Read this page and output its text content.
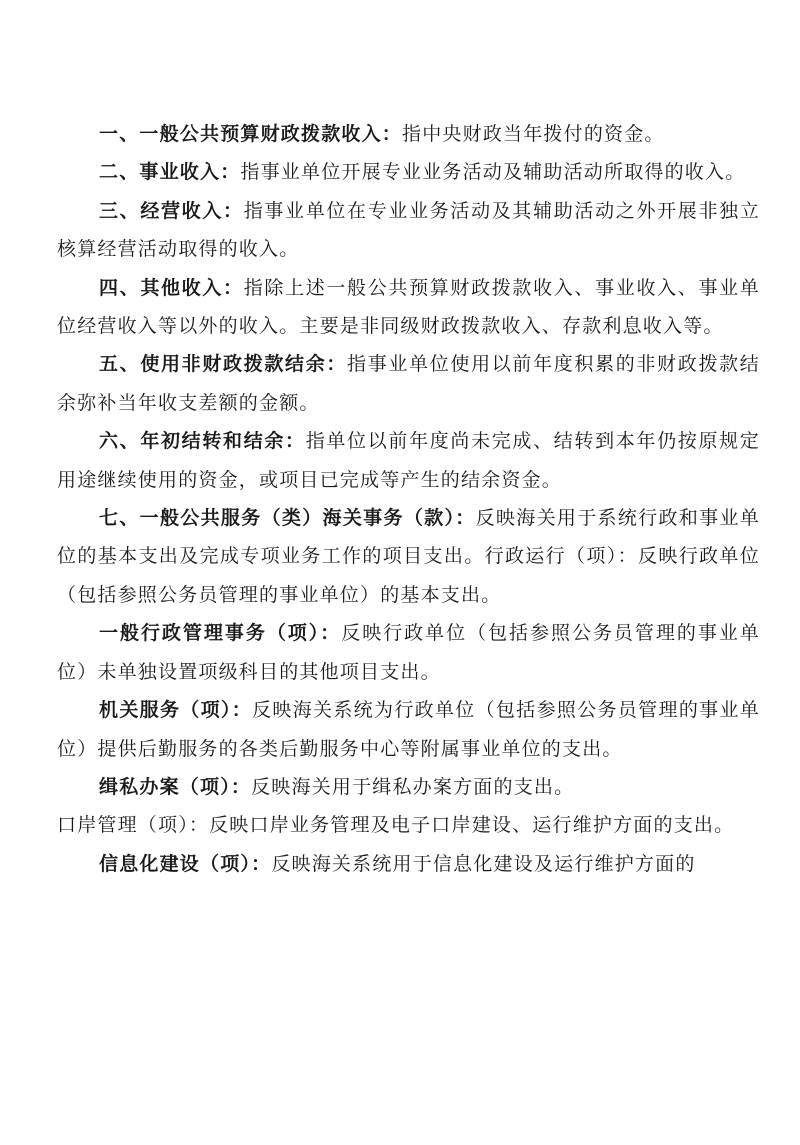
一、一般公共预算财政拨款收入：指中央财政当年拨付的资金。

二、事业收入：指事业单位开展专业业务活动及辅助活动所取得的收入。

三、经营收入：指事业单位在专业业务活动及其辅助活动之外开展非独立核算经营活动取得的收入。

四、其他收入：指除上述一般公共预算财政拨款收入、事业收入、事业单位经营收入等以外的收入。主要是非同级财政拨款收入、存款利息收入等。

五、使用非财政拨款结余：指事业单位使用以前年度积累的非财政拨款结余弥补当年收支差额的金额。

六、年初结转和结余：指单位以前年度尚未完成、结转到本年仍按原规定用途继续使用的资金，或项目已完成等产生的结余资金。

七、一般公共服务（类）海关事务（款）：反映海关用于系统行政和事业单位的基本支出及完成专项业务工作的项目支出。行政运行（项）：反映行政单位（包括参照公务员管理的事业单位）的基本支出。

一般行政管理事务（项）：反映行政单位（包括参照公务员管理的事业单位）未单独设置项级科目的其他项目支出。

机关服务（项）：反映海关系统为行政单位（包括参照公务员管理的事业单位）提供后勤服务的各类后勤服务中心等附属事业单位的支出。

缉私办案（项）：反映海关用于缉私办案方面的支出。

口岸管理（项）：反映口岸业务管理及电子口岸建设、运行维护方面的支出。

信息化建设（项）：反映海关系统用于信息化建设及运行维护方面的
